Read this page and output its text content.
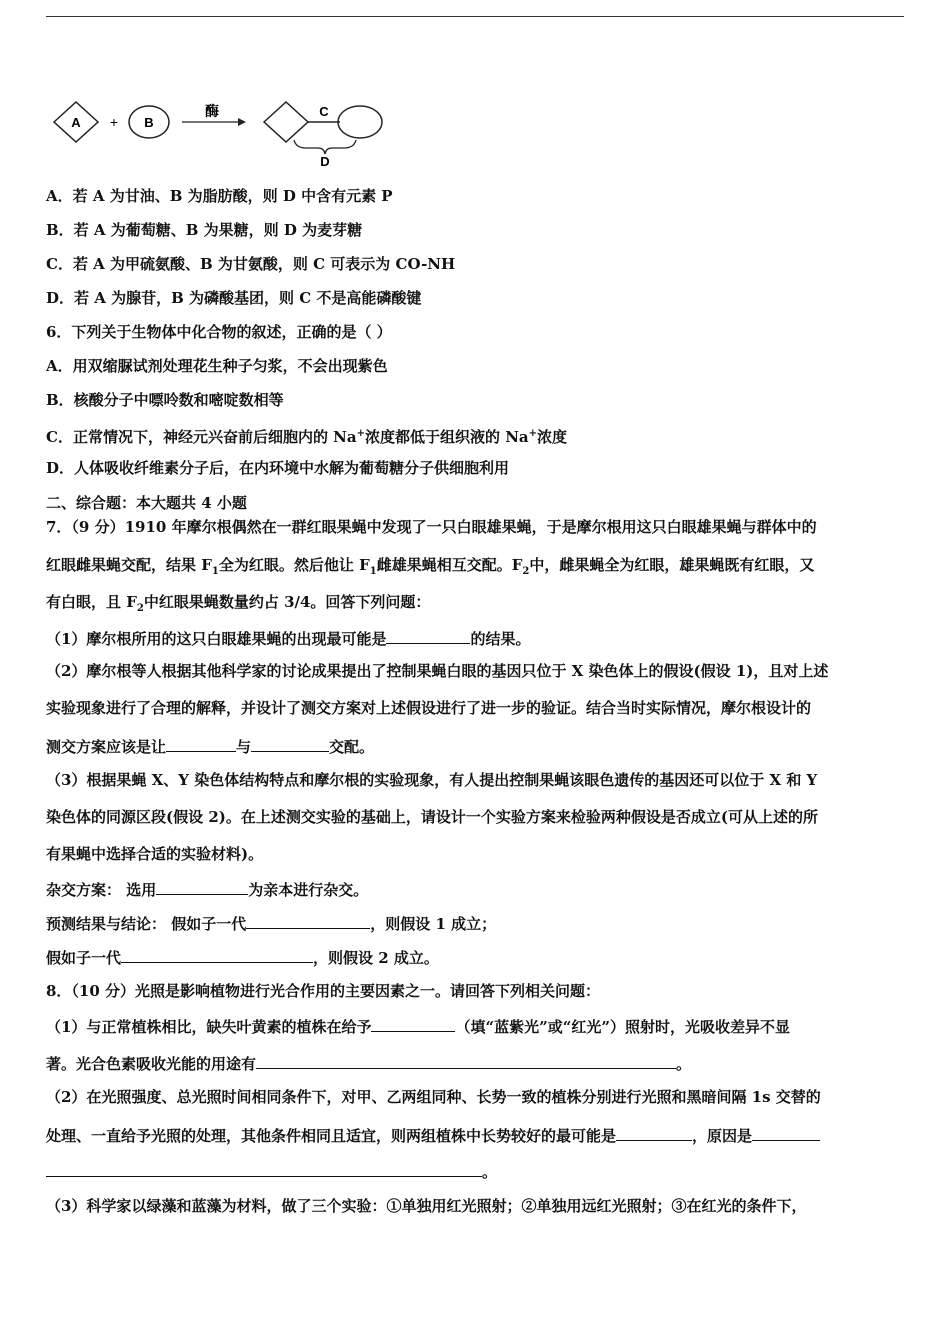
A + B
酶	C
D
A．若 A 为甘油、B 为脂肪酸，则 D 中含有元素 P
B．若 A 为葡萄糖、B 为果糖，则 D 为麦芽糖
C．若 A 为甲硫氨酸、B 为甘氨酸，则 C 可表示为 CO-NH
D．若 A 为腺苷，B 为磷酸基团，则 C 不是高能磷酸键
6．下列关于生物体中化合物的叙述，正确的是（ ）
A．用双缩脲试剂处理花生种子匀浆，不会出现紫色
B．核酸分子中嘌呤数和嘧啶数相等
C．正常情况下，神经元兴奋前后细胞内的 Na+浓度都低于组织液的 Na+浓度
D．人体吸收纤维素分子后，在内环境中水解为葡萄糖分子供细胞利用
二、综合题：本大题共 4 小题
7．（9 分）1910 年摩尔根偶然在一群红眼果蝇中发现了一只白眼雄果蝇，于是摩尔根用这只白眼雄果蝇与群体中的
红眼雌果蝇交配，结果 $F_1$全为红眼。然后他让 $F_1$雌雄果蝇相互交配。$F_2$中，雌果蝇全为红眼，雄果蝇既有红眼，又
有白眼，且 $F_2$中红眼果蝇数量约占 3/4。回答下列问题：
（1）摩尔根所用的这只白眼雄果蝇的出现最可能是	的结果。
（2）摩尔根等人根据其他科学家的讨论成果提出了控制果蝇白眼的基因只位于 X 染色体上的假设(假设 1)，且对上述
实验现象进行了合理的解释，并设计了测交方案对上述假设进行了进一步的验证。结合当时实际情况，摩尔根设计的
测交方案应该是让	与	交配。
（3）根据果蝇 X、Y 染色体结构特点和摩尔根的实验现象，有人提出控制果蝇该眼色遗传的基因还可以位于 X 和 Y
染色体的同源区段(假设 2)。在上述测交实验的基础上，请设计一个实验方案来检验两种假设是否成立(可从上述的所
有果蝇中选择合适的实验材料)。
杂交方案： 选用	为亲本进行杂交。
预测结果与结论： 假如子一代	，则假设 1 成立；
假如子一代	，则假设 2 成立。
8．（10 分）光照是影响植物进行光合作用的主要因素之一。请回答下列相关问题：
（1）与正常植株相比，缺失叶黄素的植株在给予	（填“蓝紫光”或“红光”）照射时，光吸收差异不显
著。光合色素吸收光能的用途有	。
（2）在光照强度、总光照时间相同条件下，对甲、乙两组同种、长势一致的植株分别进行光照和黑暗间隔 1s 交替的
处理、一直给予光照的处理，其他条件相同且适宜，则两组植株中长势较好的最可能是	，原因是
。
（3）科学家以绿藻和蓝藻为材料，做了三个实验：①单独用红光照射；②单独用远红光照射；③在红光的条件下，
